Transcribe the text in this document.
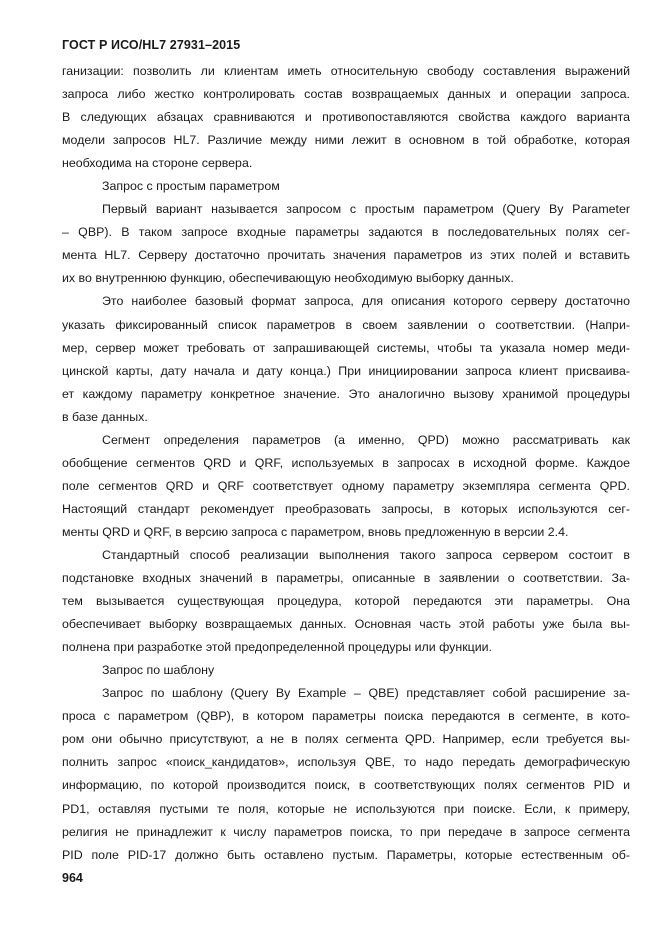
ГОСТ Р ИСО/HL7 27931–2015
ганизации: позволить ли клиентам иметь относительную свободу составления выражений
запроса либо жестко контролировать состав возвращаемых данных и операции запроса.
В следующих абзацах сравниваются и противопоставляются свойства каждого варианта
модели запросов HL7. Различие между ними лежит в основном в той обработке, которая
необходима на стороне сервера.
Запрос с простым параметром
Первый вариант называется запросом с простым параметром (Query By Parameter
– QBP). В таком запросе входные параметры задаются в последовательных полях сег-
мента HL7. Серверу достаточно прочитать значения параметров из этих полей и вставить
их во внутреннюю функцию, обеспечивающую необходимую выборку данных.
Это наиболее базовый формат запроса, для описания которого серверу достаточно
указать фиксированный список параметров в своем заявлении о соответствии. (Напри-
мер, сервер может требовать от запрашивающей системы, чтобы та указала номер меди-
цинской карты, дату начала и дату конца.) При инициировании запроса клиент присваива-
ет каждому параметру конкретное значение. Это аналогично вызову хранимой процедуры
в базе данных.
Сегмент определения параметров (а именно, QPD) можно рассматривать как
обобщение сегментов QRD и QRF, используемых в запросах в исходной форме. Каждое
поле сегментов QRD и QRF соответствует одному параметру экземпляра сегмента QPD.
Настоящий стандарт рекомендует преобразовать запросы, в которых используются сег-
менты QRD и QRF, в версию запроса с параметром, вновь предложенную в версии 2.4.
Стандартный способ реализации выполнения такого запроса сервером состоит в
подстановке входных значений в параметры, описанные в заявлении о соответствии. За-
тем вызывается существующая процедура, которой передаются эти параметры. Она
обеспечивает выборку возвращаемых данных. Основная часть этой работы уже была вы-
полнена при разработке этой предопределенной процедуры или функции.
Запрос по шаблону
Запрос по шаблону (Query By Example – QBE) представляет собой расширение за-
проса с параметром (QBP), в котором параметры поиска передаются в сегменте, в кото-
ром они обычно присутствуют, а не в полях сегмента QPD. Например, если требуется вы-
полнить запрос «поиск_кандидатов», используя QBE, то надо передать демографическую
информацию, по которой производится поиск, в соответствующих полях сегментов PID и
PD1, оставляя пустыми те поля, которые не используются при поиске. Если, к примеру,
религия не принадлежит к числу параметров поиска, то при передаче в запросе сегмента
PID поле PID-17 должно быть оставлено пустым. Параметры, которые естественным об-
964
